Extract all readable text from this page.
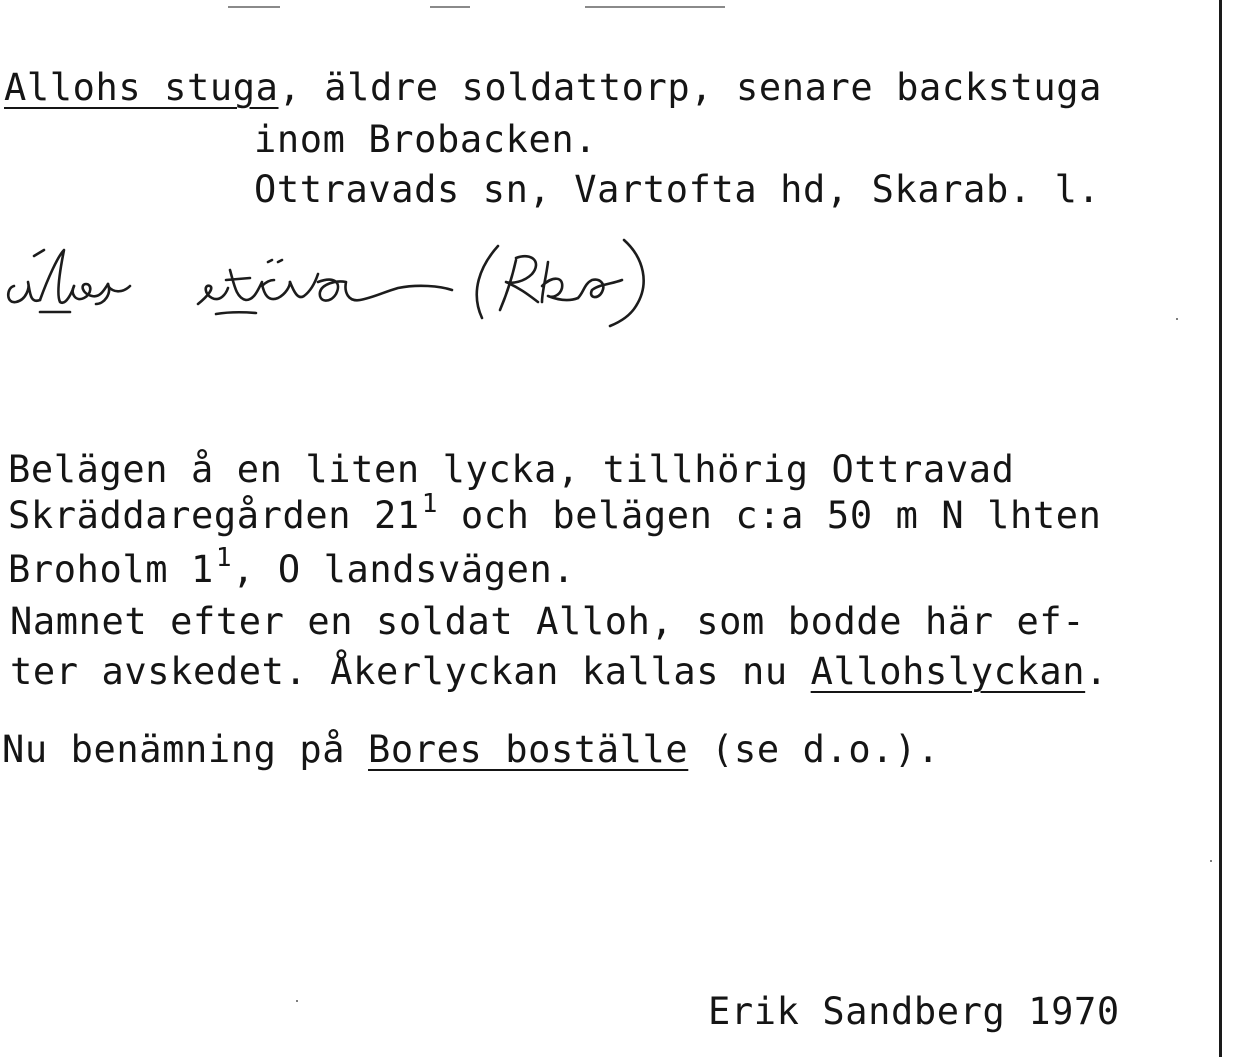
Allohs stuga, äldre soldattorp, senare backstuga
inom Brobacken.
Ottravads sn, Vartofta hd, Skarab. l.
Belägen å en liten lycka, tillhörig Ottravad
Skräddaregården $21^1$ och belägen c:a 50 m N lhten
Broholm $1^1$, O landsvägen.
Namnet efter en soldat Alloh, som bodde här ef-
ter avskedet. Åkerlyckan kallas nu Allohslyckan.
Nu benämning på Bores boställe (se d.o.).
Erik Sandberg 1970
